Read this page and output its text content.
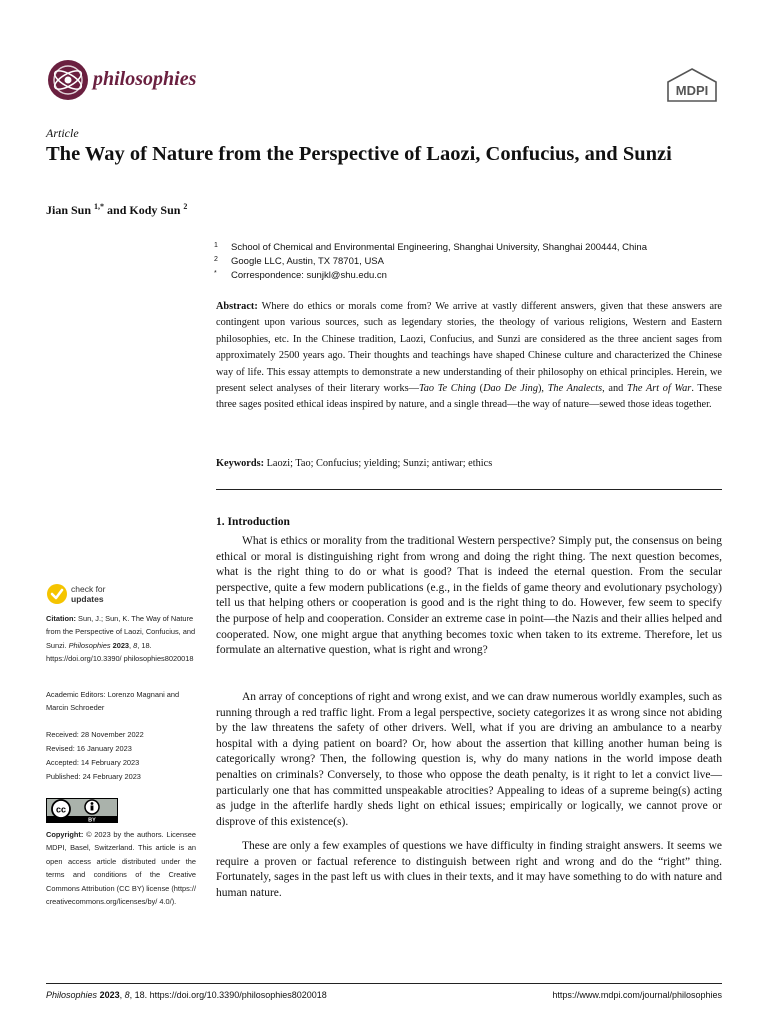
philosophies
MDPI
Article
The Way of Nature from the Perspective of Laozi, Confucius, and Sunzi
Jian Sun $^{1,*}$ and Kody Sun $^2$
1 School of Chemical and Environmental Engineering, Shanghai University, Shanghai 200444, China
2 Google LLC, Austin, TX 78701, USA
* Correspondence: sunjkl@shu.edu.cn
Abstract: Where do ethics or morals come from? We arrive at vastly different answers, given that these answers are contingent upon various sources, such as legendary stories, the theology of various religions, Western and Eastern philosophies, etc. In the Chinese tradition, Laozi, Confucius, and Sunzi are considered as the three ancient sages from approximately 2500 years ago. Their thoughts and teachings have shaped Chinese culture and characterized the Chinese way of life. This essay attempts to demonstrate a new understanding of their philosophy on ethical principles. Herein, we present select analyses of their literary works—Tao Te Ching (Dao De Jing), The Analects, and The Art of War. These three sages posited ethical ideas inspired by nature, and a single thread—the way of nature—sewed those ideas together.
Keywords: Laozi; Tao; Confucius; yielding; Sunzi; antiwar; ethics
1. Introduction
What is ethics or morality from the traditional Western perspective? Simply put, the consensus on being ethical or moral is distinguishing right from wrong and doing the right thing. The next question becomes, what is the right thing to do or what is good? That is indeed the eternal question. From the secular perspective, quite a few modern publications (e.g., in the fields of game theory and evolutionary psychology) tell us that helping others or cooperation is good and is the right thing to do. However, few seem to specify the purpose of help and cooperation. Consider an extreme case in point—the Nazis and their allies helped and cooperated. Now, one might argue that anything becomes toxic when taken to its extreme. Therefore, let us formulate an alternative question, what is right and wrong?
An array of conceptions of right and wrong exist, and we can draw numerous worldly examples, such as running through a red traffic light. From a legal perspective, society categorizes it as wrong since not abiding by the law threatens the safety of other drivers. Well, what if you are driving an ambulance to a nearby hospital with a dying patient on board? Or, how about the assertion that killing another human being is categorically wrong? Then, the following question is, why do many nations in the world impose death penalties on criminals? Conversely, to those who oppose the death penalty, is it right to let a convict live—particularly one that has committed unspeakable atrocities? Appealing to ideas of a supreme being(s) acting as judge in the afterlife hardly sheds light on ethical issues; empirically or logically, we cannot prove or disprove of this existence(s).
These are only a few examples of questions we have difficulty in finding straight answers. It seems we require a proven or factual reference to distinguish between right and wrong and do the “right” thing. Fortunately, sages in the past left us with clues in their texts, and it may have something to do with nature and human nature.
check for
updates
Citation: Sun, J.; Sun, K. The Way of Nature from the Perspective of Laozi, Confucius, and Sunzi. Philosophies 2023, 8, 18. https://doi.org/10.3390/ philosophies8020018
Academic Editors: Lorenzo Magnani and Marcin Schroeder
Received: 28 November 2022
Revised: 16 January 2023
Accepted: 14 February 2023
Published: 24 February 2023
cc
BY
Copyright: © 2023 by the authors. Licensee MDPI, Basel, Switzerland. This article is an open access article distributed under the terms and conditions of the Creative Commons Attribution (CC BY) license (https:// creativecommons.org/licenses/by/ 4.0/).
Philosophies 2023, 8, 18. https://doi.org/10.3390/philosophies8020018	https://www.mdpi.com/journal/philosophies
